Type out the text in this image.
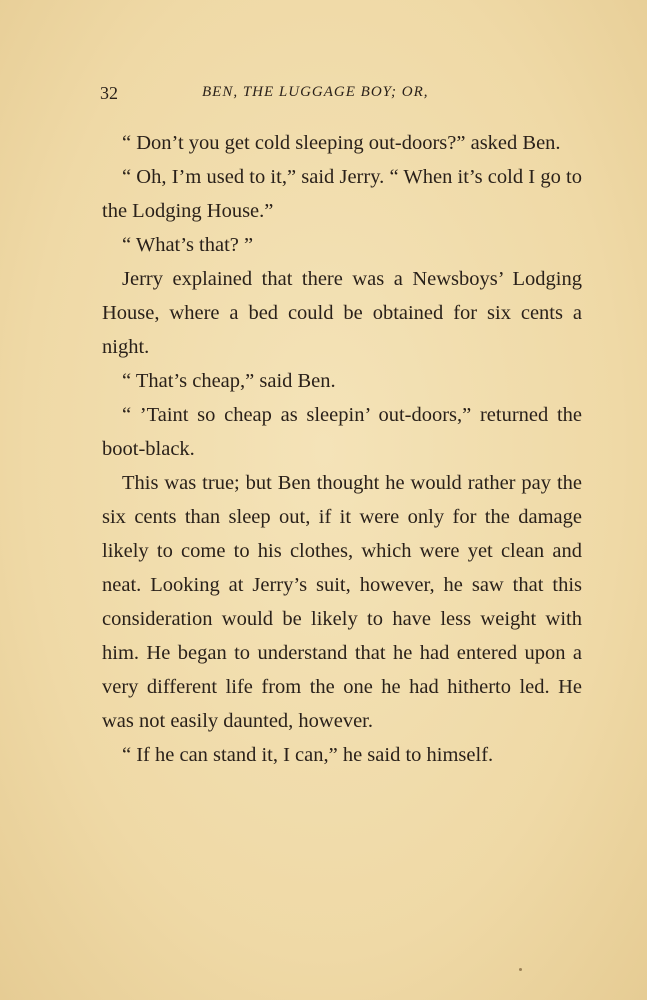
32	BEN, THE LUGGAGE BOY; OR,

“ Don’t you get cold sleeping out-doors?” asked Ben.

“ Oh, I’m used to it,” said Jerry. “ When it’s cold I go to the Lodging House.”

“ What’s that? ”

Jerry explained that there was a Newsboys’ Lodging House, where a bed could be obtained for six cents a night.

“ That’s cheap,” said Ben.

“ ’Taint so cheap as sleepin’ out-doors,” returned the boot-black.

This was true; but Ben thought he would rather pay the six cents than sleep out, if it were only for the damage likely to come to his clothes, which were yet clean and neat. Looking at Jerry’s suit, however, he saw that this consideration would be likely to have less weight with him. He began to understand that he had entered upon a very different life from the one he had hitherto led. He was not easily daunted, however.

“ If he can stand it, I can,” he said to himself.
